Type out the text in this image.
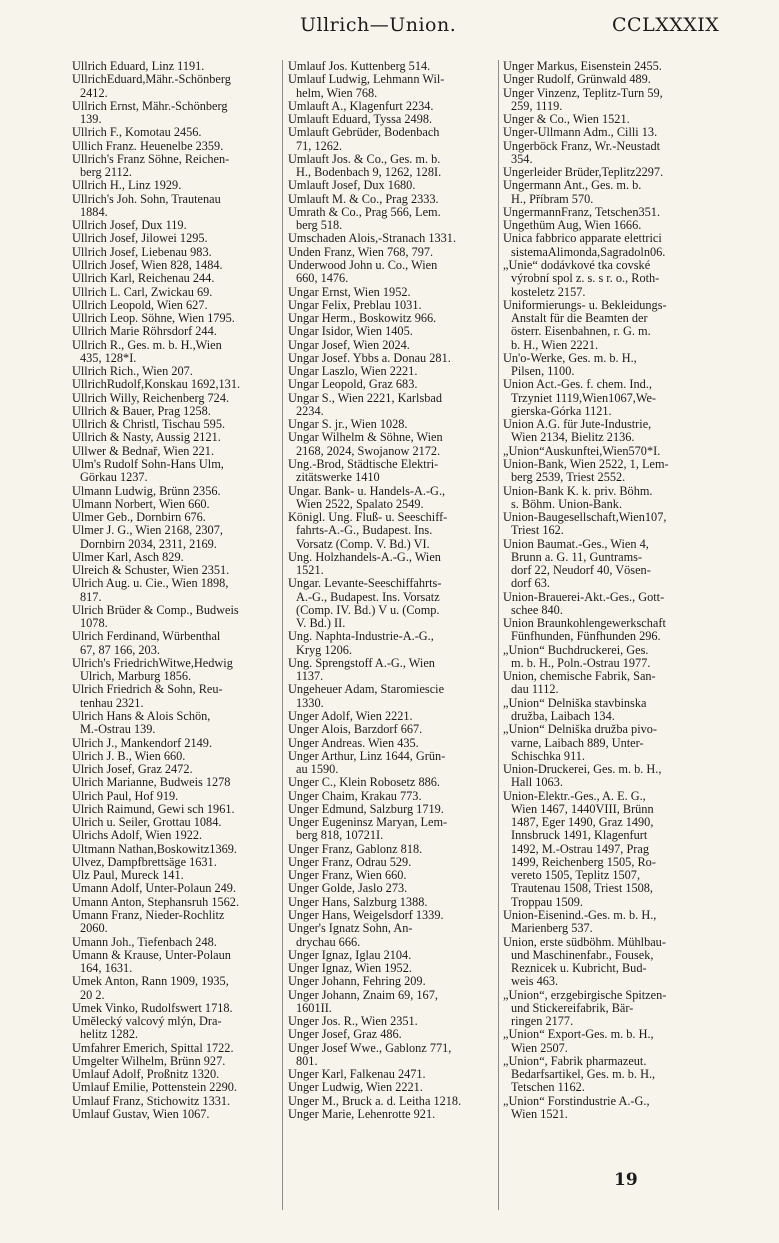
Ullrich—Union.	CCLXXXIX
Ullrich Eduard, Linz 1191.
UllrichEduard,Mähr.-Schönberg
2412.
Ullrich Ernst, Mähr.-Schönberg
139.
Ullrich F., Komotau 2456.
Ullich Franz. Heuenelbe 2359.
Ullrich's Franz Söhne, Reichen-
berg 2112.
Ullrich H., Linz 1929.
Ullrich's Joh. Sohn, Trautenau
1884.
Ullrich Josef, Dux 119.
Ullrich Josef, Jilowei 1295.
Ullrich Josef, Liebenau 983.
Ullrich Josef, Wien 828, 1484.
Ullrich Karl, Reichenau 244.
Ullrich L. Carl, Zwickau 69.
Ullrich Leopold, Wien 627.
Ullrich Leop. Söhne, Wien 1795.
Ullrich Marie Röhrsdorf 244.
Ullrich R., Ges. m. b. H.,Wien
435, 128*I.
Ullrich Rich., Wien 207.
UllrichRudolf,Konskau 1692,131.
Ullrich Willy, Reichenberg 724.
Ullrich & Bauer, Prag 1258.
Ullrich & Christl, Tischau 595.
Ullrich & Nasty, Aussig 2121.
Ullwer & Bednař, Wien 221.
Ulm's Rudolf Sohn-Hans Ulm,
Görkau 1237.
Ulmann Ludwig, Brünn 2356.
Ulmann Norbert, Wien 660.
Ulmer Geb., Dornbirn 676.
Ulmer J. G., Wien 2168, 2307,
Dornbirn 2034, 2311, 2169.
Ulmer Karl, Asch 829.
Ulreich & Schuster, Wien 2351.
Ulrich Aug. u. Cie., Wien 1898,
817.
Ulrich Brüder & Comp., Budweis
1078.
Ulrich Ferdinand, Würbenthal
67, 87 166, 203.
Ulrich's FriedrichWitwe,Hedwig
Ulrich, Marburg 1856.
Ulrich Friedrich & Sohn, Reu-
tenhau 2321.
Ulrich Hans & Alois Schön,
M.-Ostrau 139.
Ulrich J., Mankendorf 2149.
Ulrich J. B., Wien 660.
Ulrich Josef, Graz 2472.
Ulrich Marianne, Budweis 1278
Ulrich Paul, Hof 919.
Ulrich Raimund, Gewi sch 1961.
Ulrich u. Seiler, Grottau 1084.
Ulrichs Adolf, Wien 1922.
Ultmann Nathan,Boskowitz1369.
Ulvez, Dampfbrettsäge 1631.
Ulz Paul, Mureck 141.
Umann Adolf, Unter-Polaun 249.
Umann Anton, Stephansruh 1562.
Umann Franz, Nieder-Rochlitz
2060.
Umann Joh., Tiefenbach 248.
Umann & Krause, Unter-Polaun
164, 1631.
Umek Anton, Rann 1909, 1935,
20 2.
Umek Vinko, Rudolfswert 1718.
Umělecký valcový mlýn, Dra-
helitz 1282.
Umfahrer Emerich, Spittal 1722.
Umgelter Wilhelm, Brünn 927.
Umlauf Adolf, Proßnitz 1320.
Umlauf Emilie, Pottenstein 2290.
Umlauf Franz, Stichowitz 1331.
Umlauf Gustav, Wien 1067.
Umlauf Jos. Kuttenberg 514.
Umlauf Ludwig, Lehmann Wil-
helm, Wien 768.
Umlauft A., Klagenfurt 2234.
Umlauft Eduard, Tyssa 2498.
Umlauft Gebrüder, Bodenbach
71, 1262.
Umlauft Jos. & Co., Ges. m. b.
H., Bodenbach 9, 1262, 128I.
Umlauft Josef, Dux 1680.
Umlauft M. & Co., Prag 2333.
Umrath & Co., Prag 566, Lem.
berg 518.
Umschaden Alois,-Stranach 1331.
Unden Franz, Wien 768, 797.
Underwood John u. Co., Wien
660, 1476.
Ungar Ernst, Wien 1952.
Ungar Felix, Preblau 1031.
Ungar Herm., Boskowitz 966.
Ungar Isidor, Wien 1405.
Ungar Josef, Wien 2024.
Ungar Josef. Ybbs a. Donau 281.
Ungar Laszlo, Wien 2221.
Ungar Leopold, Graz 683.
Ungar S., Wien 2221, Karlsbad
2234.
Ungar S. jr., Wien 1028.
Ungar Wilhelm & Söhne, Wien
2168, 2024, Swojanow 2172.
Ung.-Brod, Städtische Elektri-
zitätswerke 1410
Ungar. Bank- u. Handels-A.-G.,
Wien 2522, Spalato 2549.
Königl. Ung. Fluß- u. Seeschiff-
fahrts-A.-G., Budapest. Ins.
Vorsatz (Comp. V. Bd.) VI.
Ung. Holzhandels-A.-G., Wien
1521.
Ungar. Levante-Seeschiffahrts-
A.-G., Budapest. Ins. Vorsatz
(Comp. IV. Bd.) V u. (Comp.
V. Bd.) II.
Ung. Naphta-Industrie-A.-G.,
Kryg 1206.
Ung. Sprengstoff A.-G., Wien
1137.
Ungeheuer Adam, Staromiescie
1330.
Unger Adolf, Wien 2221.
Unger Alois, Barzdorf 667.
Unger Andreas. Wien 435.
Unger Arthur, Linz 1644, Grün-
au 1590.
Unger C., Klein Robosetz 886.
Unger Chaim, Krakau 773.
Unger Edmund, Salzburg 1719.
Unger Eugeninsz Maryan, Lem-
berg 818, 10721I.
Unger Franz, Gablonz 818.
Unger Franz, Odrau 529.
Unger Franz, Wien 660.
Unger Golde, Jaslo 273.
Unger Hans, Salzburg 1388.
Unger Hans, Weigelsdorf 1339.
Unger's Ignatz Sohn, An-
drychau 666.
Unger Ignaz, Iglau 2104.
Unger Ignaz, Wien 1952.
Unger Johann, Fehring 209.
Unger Johann, Znaim 69, 167,
1601II.
Unger Jos. R., Wien 2351.
Unger Josef, Graz 486.
Unger Josef Wwe., Gablonz 771,
801.
Unger Karl, Falkenau 2471.
Unger Ludwig, Wien 2221.
Unger M., Bruck a. d. Leitha 1218.
Unger Marie, Lehenrotte 921.
Unger Markus, Eisenstein 2455.
Unger Rudolf, Grünwald 489.
Unger Vinzenz, Teplitz-Turn 59,
259, 1119.
Unger & Co., Wien 1521.
Unger-Ullmann Adm., Cilli 13.
Ungerböck Franz, Wr.-Neustadt
354.
Ungerleider Brüder,Teplitz2297.
Ungermann Ant., Ges. m. b.
H., Příbram 570.
UngermannFranz, Tetschen351.
Ungethüm Aug, Wien 1666.
Unica fabbrico apparate elettrici
sistemaAlimonda,Sagradoln06.
„Unie“ dodávkové tka covské
výrobní spol z. s. s r. o., Roth-
kosteletz 2157.
Uniformierungs- u. Bekleidungs-
Anstalt für die Beamten der
österr. Eisenbahnen, r. G. m.
b. H., Wien 2221.
Un'o-Werke, Ges. m. b. H.,
Pilsen, 1100.
Union Act.-Ges. f. chem. Ind.,
Trzyniet 1119,Wien1067,We-
gierska-Górka 1121.
Union A.G. für Jute-Industrie,
Wien 2134, Bielitz 2136.
„Union“Auskunftei,Wien570*I.
Union-Bank, Wien 2522, 1, Lem-
berg 2539, Triest 2552.
Union-Bank K. k. priv. Böhm.
s. Böhm. Union-Bank.
Union-Baugesellschaft,Wien107,
Triest 162.
Union Baumat.-Ges., Wien 4,
Brunn a. G. 11, Guntrams-
dorf 22, Neudorf 40, Vösen-
dorf 63.
Union-Brauerei-Akt.-Ges., Gott-
schee 840.
Union Braunkohlengewerkschaft
Fünfhunden, Fünfhunden 296.
„Union“ Buchdruckerei, Ges.
m. b. H., Poln.-Ostrau 1977.
Union, chemische Fabrik, San-
dau 1112.
„Union“ Delniška stavbinska
družba, Laibach 134.
„Union“ Delniška družba pivo-
varne, Laibach 889, Unter-
Schischka 911.
Union-Druckerei, Ges. m. b. H.,
Hall 1063.
Union-Elektr.-Ges., A. E. G.,
Wien 1467, 1440VIII, Brünn
1487, Eger 1490, Graz 1490,
Innsbruck 1491, Klagenfurt
1492, M.-Ostrau 1497, Prag
1499, Reichenberg 1505, Ro-
vereto 1505, Teplitz 1507,
Trautenau 1508, Triest 1508,
Troppau 1509.
Union-Eisenind.-Ges. m. b. H.,
Marienberg 537.
Union, erste südböhm. Mühlbau-
und Maschinenfabr., Fousek,
Reznicek u. Kubricht, Bud-
weis 463.
„Union“, erzgebirgische Spitzen-
und Stickereifabrik, Bär-
ringen 2177.
„Union“ Export-Ges. m. b. H.,
Wien 2507.
„Union“, Fabrik pharmazeut.
Bedarfsartikel, Ges. m. b. H.,
Tetschen 1162.
„Union“ Forstindustrie A.-G.,
Wien 1521.
19
